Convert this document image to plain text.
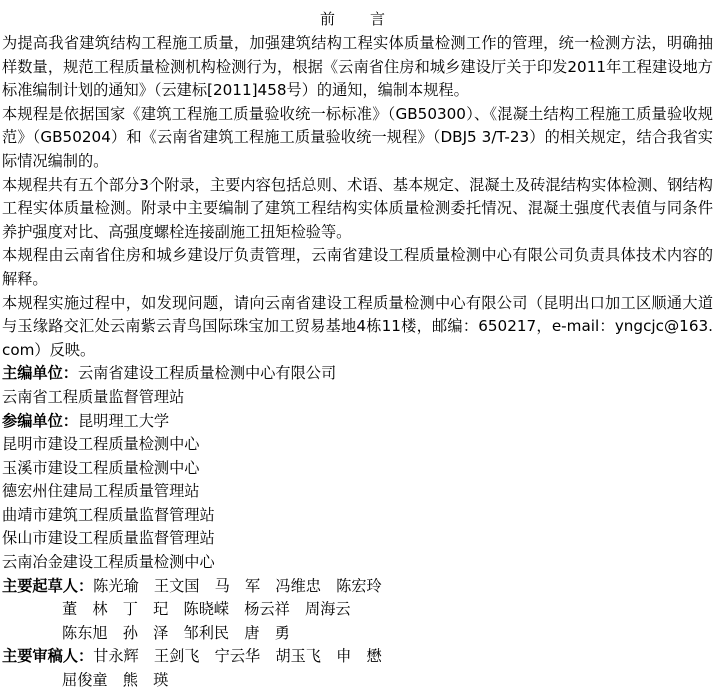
前　言

为提高我省建筑结构工程施工质量，加强建筑结构工程实体质量检测工作的管理，统一检测方法，明确抽样数量，规范工程质量检测机构检测行为，根据《云南省住房和城乡建设厅关于印发2011年工程建设地方标准编制计划的通知》（云建标[2011]458号）的通知，编制本规程。

本规程是依据国家《建筑工程施工质量验收统一标标准》（GB50300）、《混凝土结构工程施工质量验收规范》（GB50204）和《云南省建筑工程施工质量验收统一规程》（DBJ5 3/T-23）的相关规定，结合我省实际情况编制的。

本规程共有五个部分3个附录，主要内容包括总则、术语、基本规定、混凝土及砖混结构实体检测、钢结构工程实体质量检测。附录中主要编制了建筑工程结构实体质量检测委托情况、混凝土强度代表值与同条件养护强度对比、高强度螺栓连接副施工扭矩检验等。

本规程由云南省住房和城乡建设厅负责管理，云南省建设工程质量检测中心有限公司负责具体技术内容的解释。

本规程实施过程中，如发现问题，请向云南省建设工程质量检测中心有限公司（昆明出口加工区顺通大道与玉缘路交汇处云南紫云青鸟国际珠宝加工贸易基地4栋11楼，邮编：650217，e-mail：yngcjc@163.com）反映。

主编单位：云南省建设工程质量检测中心有限公司
云南省工程质量监督管理站
参编单位：昆明理工大学
昆明市建设工程质量检测中心
玉溪市建设工程质量检测中心
德宏州住建局工程质量管理站
曲靖市建筑工程质量监督管理站
保山市建设工程质量监督管理站
云南冶金建设工程质量检测中心
主要起草人：陈光瑜　王文国　马　军　冯维忠　陈宏玲
董　林　丁　玘　陈晓嵘　杨云祥　周海云
陈东旭　孙　泽　邹利民　唐　勇
主要审稿人：甘永辉　王剑飞　宁云华　胡玉飞　申　懋
屈俊童　熊　瑛
